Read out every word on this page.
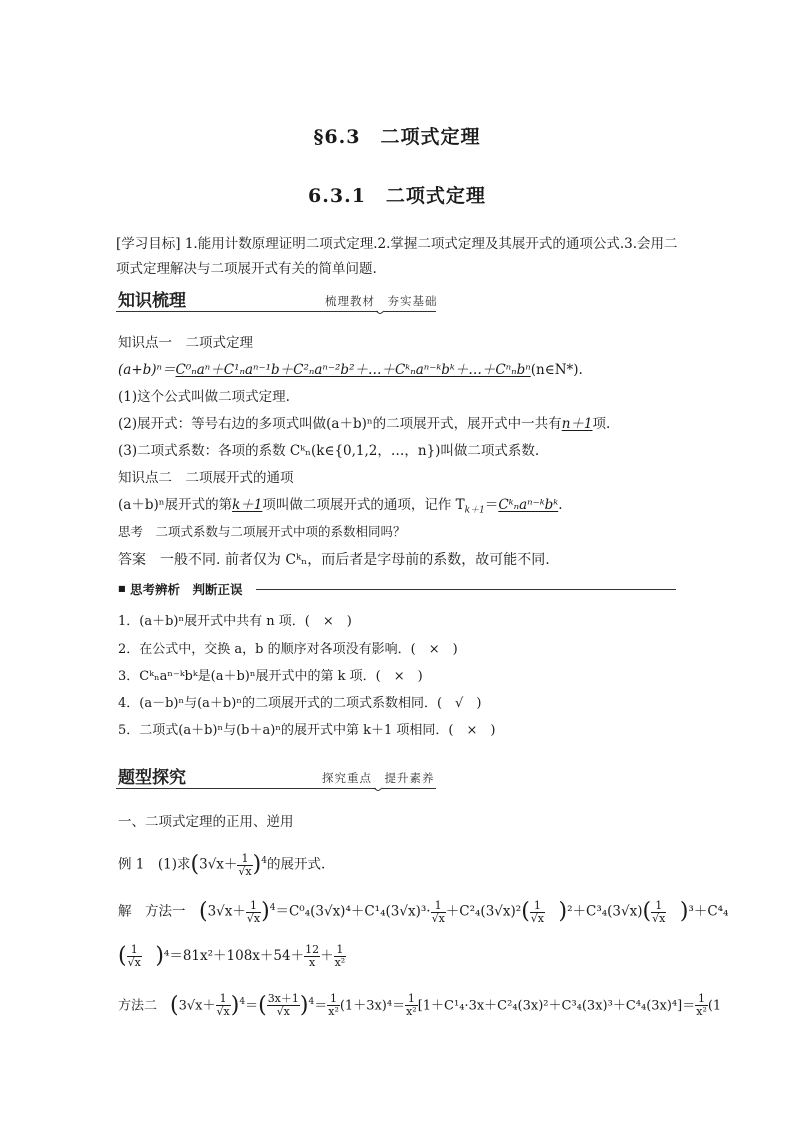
§6.3　二项式定理
6.3.1　二项式定理
[学习目标] 1.能用计数原理证明二项式定理.2.掌握二项式定理及其展开式的通项公式.3.会用二项式定理解决与二项展开式有关的简单问题.
知识梳理	梳理教材　夯实基础
知识点一　二项式定理
(a+b)ⁿ＝C⁰ₙaⁿ＋C¹ₙaⁿ⁻¹b＋C²ₙaⁿ⁻²b²＋…＋Cᵏₙaⁿ⁻ᵏbᵏ＋…＋Cⁿₙbⁿ(n∈N*).
(1)这个公式叫做二项式定理.
(2)展开式：等号右边的多项式叫做(a＋b)ⁿ的二项展开式，展开式中一共有n＋1项.
(3)二项式系数：各项的系数 Cᵏₙ(k∈{0,1,2，…，n})叫做二项式系数.
知识点二　二项展开式的通项
(a＋b)ⁿ展开式的第k＋1项叫做二项展开式的通项，记作 $T_{k+1}=Cᵏ_na^{n-}ᵏbᵏ$.
思考　二项式系数与二项展开式中项的系数相同吗？
答案　一般不同. 前者仅为 Cᵏₙ，而后者是字母前的系数，故可能不同.
■ 思考辨析　判断正误
1．(a＋b)ⁿ展开式中共有 n 项．(　 ×　 )
2．在公式中，交换 a，b 的顺序对各项没有影响．(　 ×　 )
3．Cᵏₙaⁿ⁻ᵏbᵏ是(a＋b)ⁿ展开式中的第 k 项．(　 ×　 )
4．(a－b)ⁿ与(a＋b)ⁿ的二项展开式的二项式系数相同．(　 √　 )
5．二项式(a＋b)ⁿ与(b＋a)ⁿ的展开式中第 k＋1 项相同．(　 ×　 )
题型探究	探究重点　提升素养
一、二项式定理的正用、逆用
例 1　 (1)求$(3√x+ \frac{1}{√x} )^4$的展开式.
解　 方法一　 $(3√x+ \frac{1}{√x} )^4=C^0_4(3√x)^4+C^1_4(3√x)^3\cdot \frac{1}{√x} +C^2_4(3√x)^2( \frac{1}{√x}$
　 )$^2+C^3_4(3√x)( \frac{1}{√x}$
　 )³＋C⁴₄
( $\frac{1}{√x}$
　 )$^4=81x^2+108x+54+ \frac{12}{x} + \frac{1}{\text{x²}}$
方法二　 $(3√x+ \frac{1}{√x} )^4=( \frac{3x+1}{√x} )^4= \frac{1}{\text{x²}} (1+3x)^4= \frac{1}{\text{x²}} [1+C^1_4\cdot 3x+C^2_4(3x)^2+C^3_4(3x)^3+C^4_4(3x)^4]= \frac{1}{\text{x²}} (1$
